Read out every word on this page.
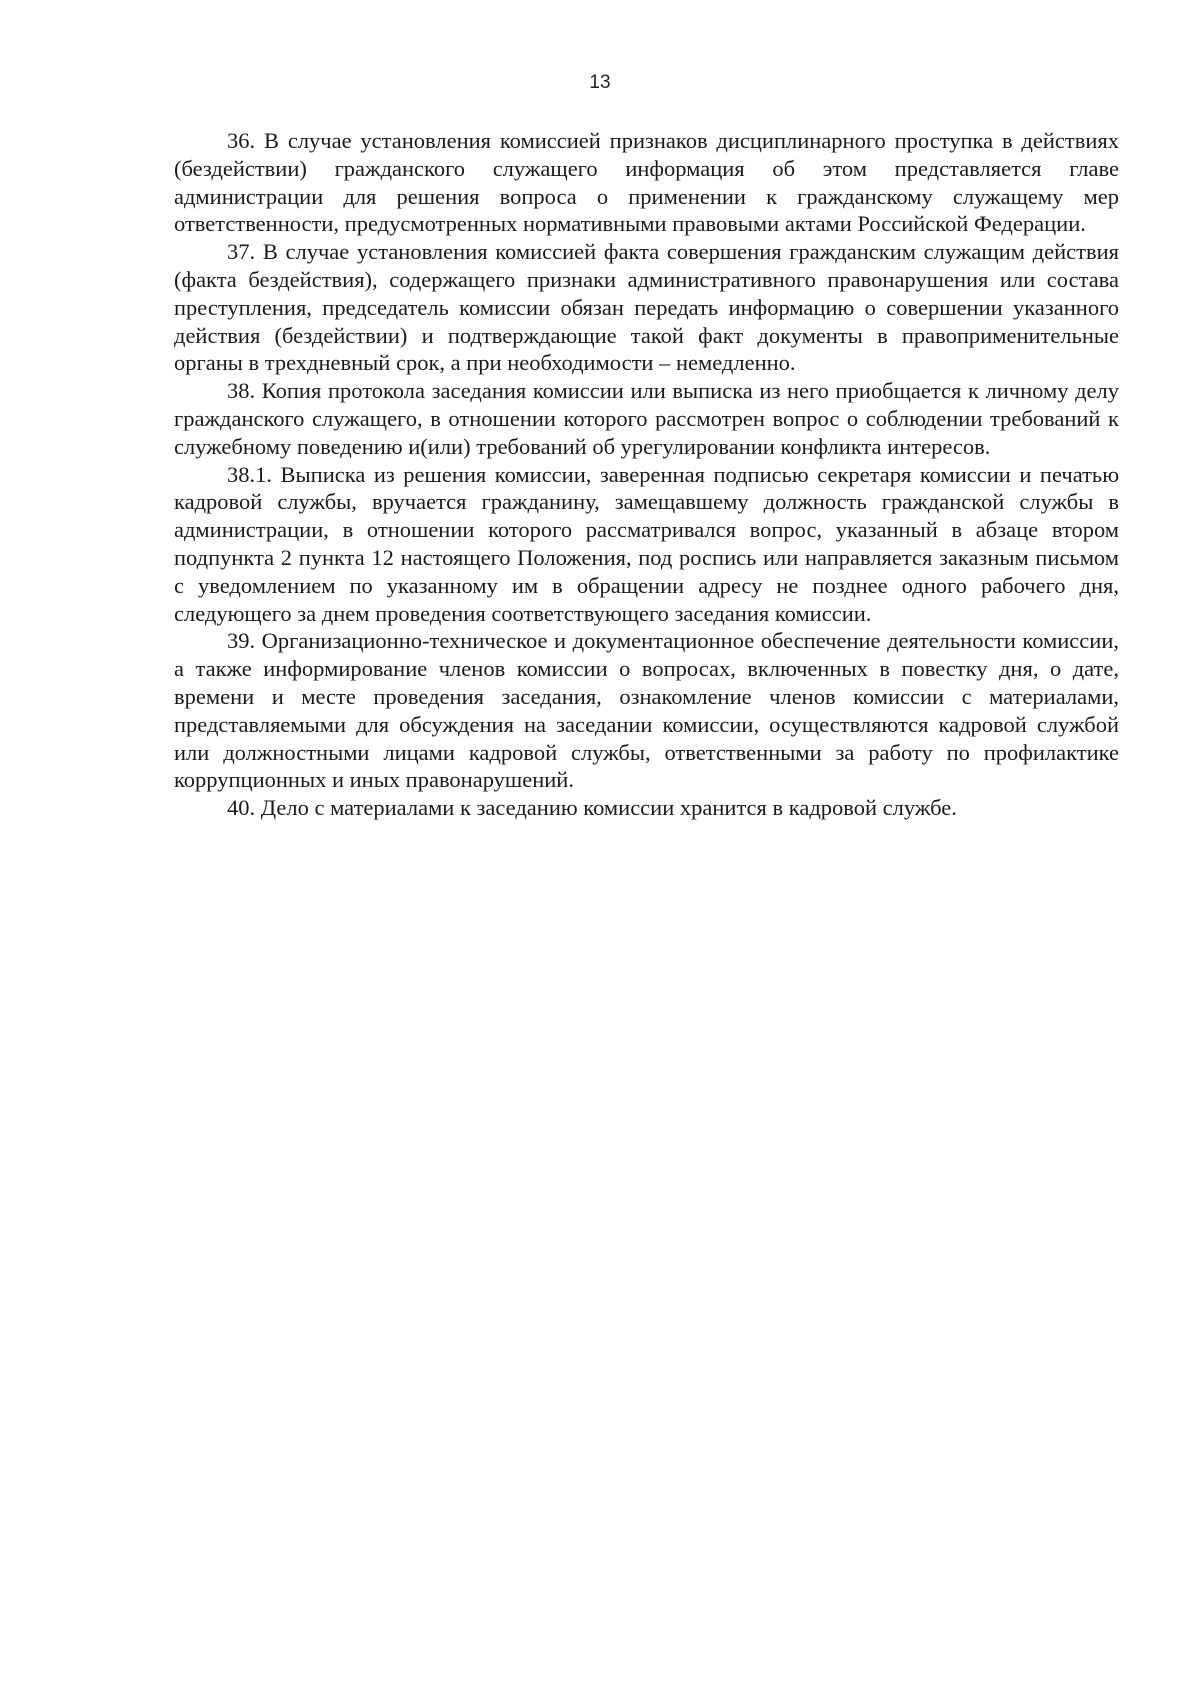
13

36. В случае установления комиссией признаков дисциплинарного проступка в действиях (бездействии) гражданского служащего информация об этом представляется главе администрации для решения вопроса о применении к гражданскому служащему мер ответственности, предусмотренных нормативными правовыми актами Российской Федерации.

37. В случае установления комиссией факта совершения гражданским служащим действия (факта бездействия), содержащего признаки административного правонарушения или состава преступления, председатель комиссии обязан передать информацию о совершении указанного действия (бездействии) и подтверждающие такой факт документы в правоприменительные органы в трехдневный срок, а при необходимости – немедленно.

38. Копия протокола заседания комиссии или выписка из него приобщается к личному делу гражданского служащего, в отношении которого рассмотрен вопрос о соблюдении требований к служебному поведению и(или) требований об урегулировании конфликта интересов.

38.1. Выписка из решения комиссии, заверенная подписью секретаря комиссии и печатью кадровой службы, вручается гражданину, замещавшему должность гражданской службы в администрации, в отношении которого рассматривался вопрос, указанный в абзаце втором подпункта 2 пункта 12 настоящего Положения, под роспись или направляется заказным письмом с уведомлением по указанному им в обращении адресу не позднее одного рабочего дня, следующего за днем проведения соответствующего заседания комиссии.

39. Организационно-техническое и документационное обеспечение деятельности комиссии, а также информирование членов комиссии о вопросах, включенных в повестку дня, о дате, времени и месте проведения заседания, ознакомление членов комиссии с материалами, представляемыми для обсуждения на заседании комиссии, осуществляются кадровой службой или должностными лицами кадровой службы, ответственными за работу по профилактике коррупционных и иных правонарушений.

40. Дело с материалами к заседанию комиссии хранится в кадровой службе.
